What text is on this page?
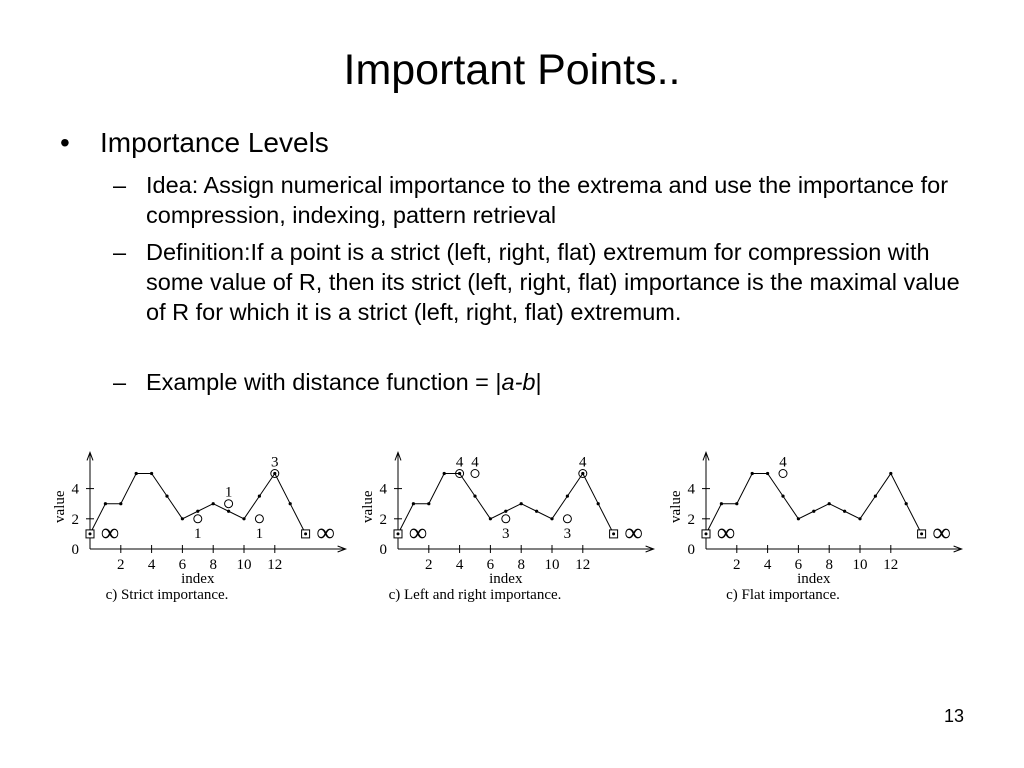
Important Points..
• Importance Levels
– Idea: Assign numerical importance to the extrema and use the importance for compression, indexing, pattern retrieval
– Definition:If a point is a strict (left, right, flat) extremum for compression with some value of R, then its strict (left, right, flat) importance is the maximal value of R for which it is a strict (left, right, flat) extremum.
– Example with distance function = |a-b|
0
2
4
2 4 6 8 10 12
index
value
c) Strict importance.
∞	∞
3
1
1	1
0
2
4
2 4 6 8 10 12
index
value
c) Left and right importance.
∞	∞
4 4	4
3	3
0
2
4
2 4 6 8 10 12
index
value
c) Flat importance.
∞	∞
4
13
